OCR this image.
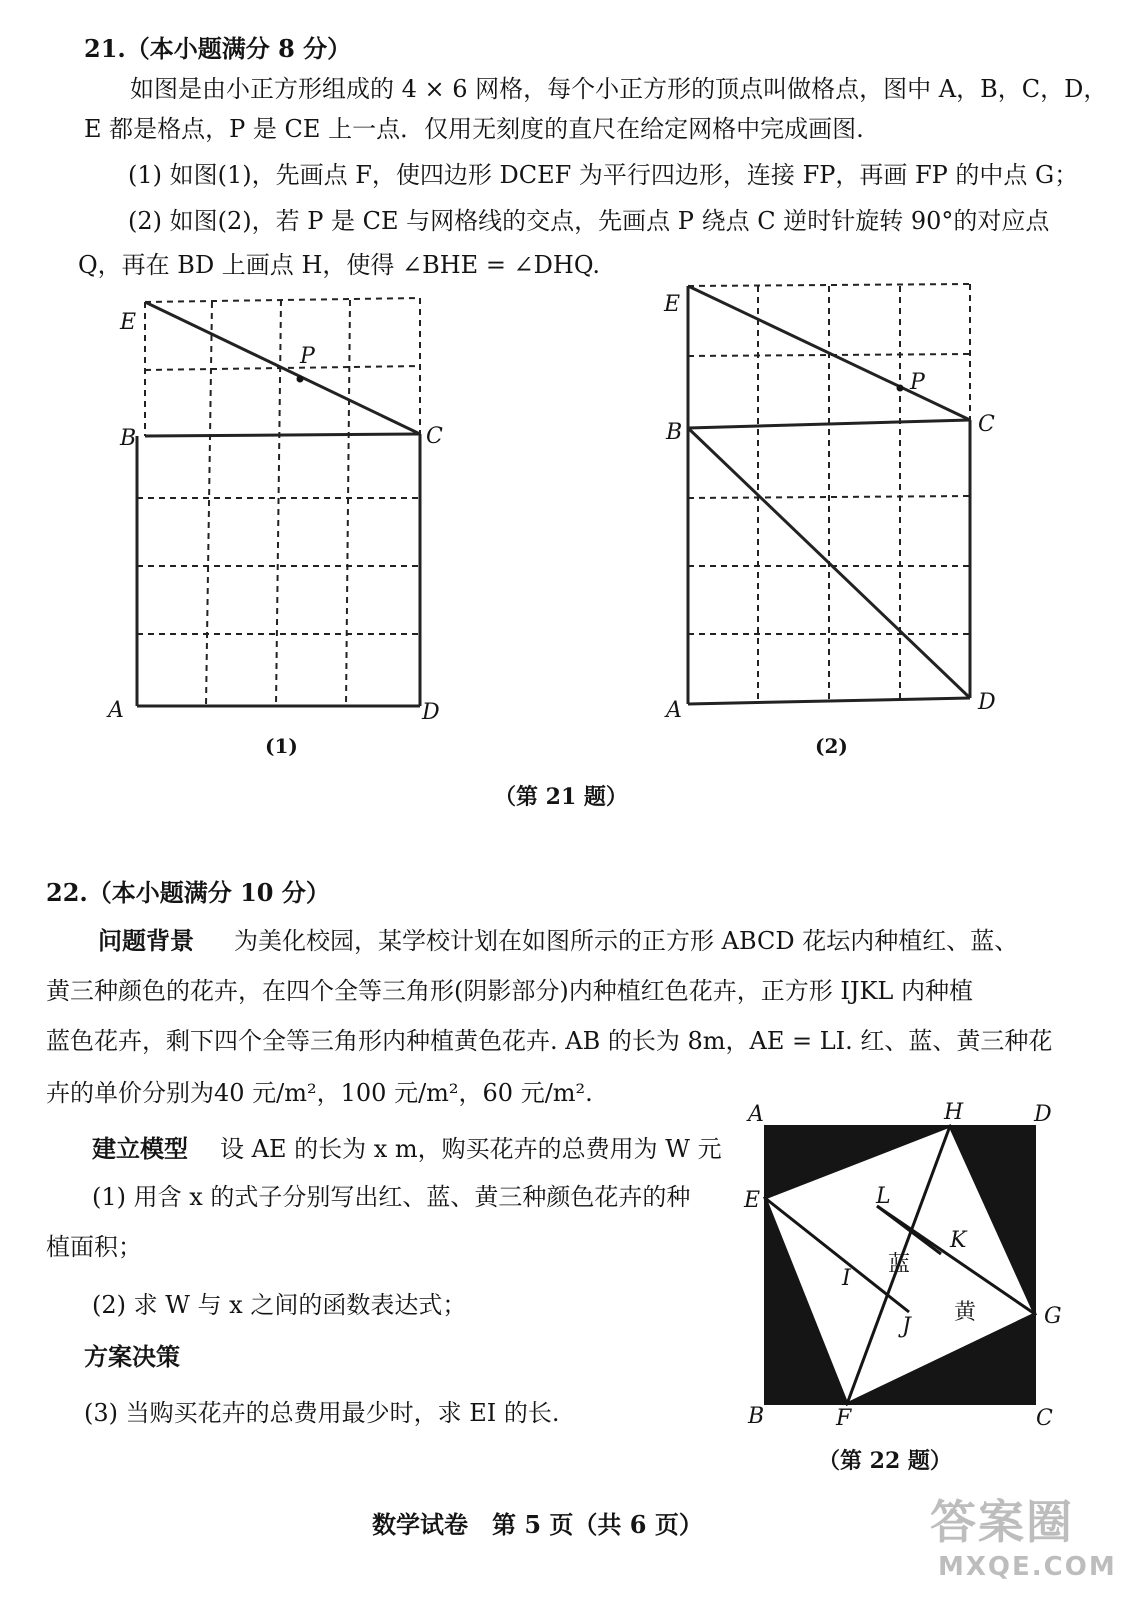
21.（本小题满分 8 分）
如图是由小正方形组成的 4 × 6 网格，每个小正方形的顶点叫做格点，图中 A，B，C，D，
E 都是格点，P 是 CE 上一点．仅用无刻度的直尺在给定网格中完成画图.
(1) 如图(1)，先画点 F，使四边形 DCEF 为平行四边形，连接 FP，再画 FP 的中点 G；
(2) 如图(2)，若 P 是 CE 与网格线的交点，先画点 P 绕点 C 逆时针旋转 90°的对应点
Q，再在 BD 上画点 H，使得 ∠BHE = ∠DHQ.
E
P
B	C
A	D
(1)
E
P
B	C
A	D
(2)
（第 21 题）
22.（本小题满分 10 分）
问题背景 为美化校园，某学校计划在如图所示的正方形 ABCD 花坛内种植红、蓝、
黄三种颜色的花卉，在四个全等三角形(阴影部分)内种植红色花卉，正方形 IJKL 内种植
蓝色花卉，剩下四个全等三角形内种植黄色花卉. AB 的长为 8m，AE = LI. 红、蓝、黄三种花
卉的单价分别为40 元/m²，100 元/m²，60 元/m².
建立模型 设 AE 的长为 x m，购买花卉的总费用为 W 元
(1) 用含 x 的式子分别写出红、蓝、黄三种颜色花卉的种
植面积；
(2) 求 W 与 x 之间的函数表达式；
方案决策
(3) 当购买花卉的总费用最少时，求 EI 的长.
A	H	D
E	L
K
I
J	G
B	F	C
蓝
黄
（第 22 题）
数学试卷　第 5 页（共 6 页）	答案圈
MXQE.COM
